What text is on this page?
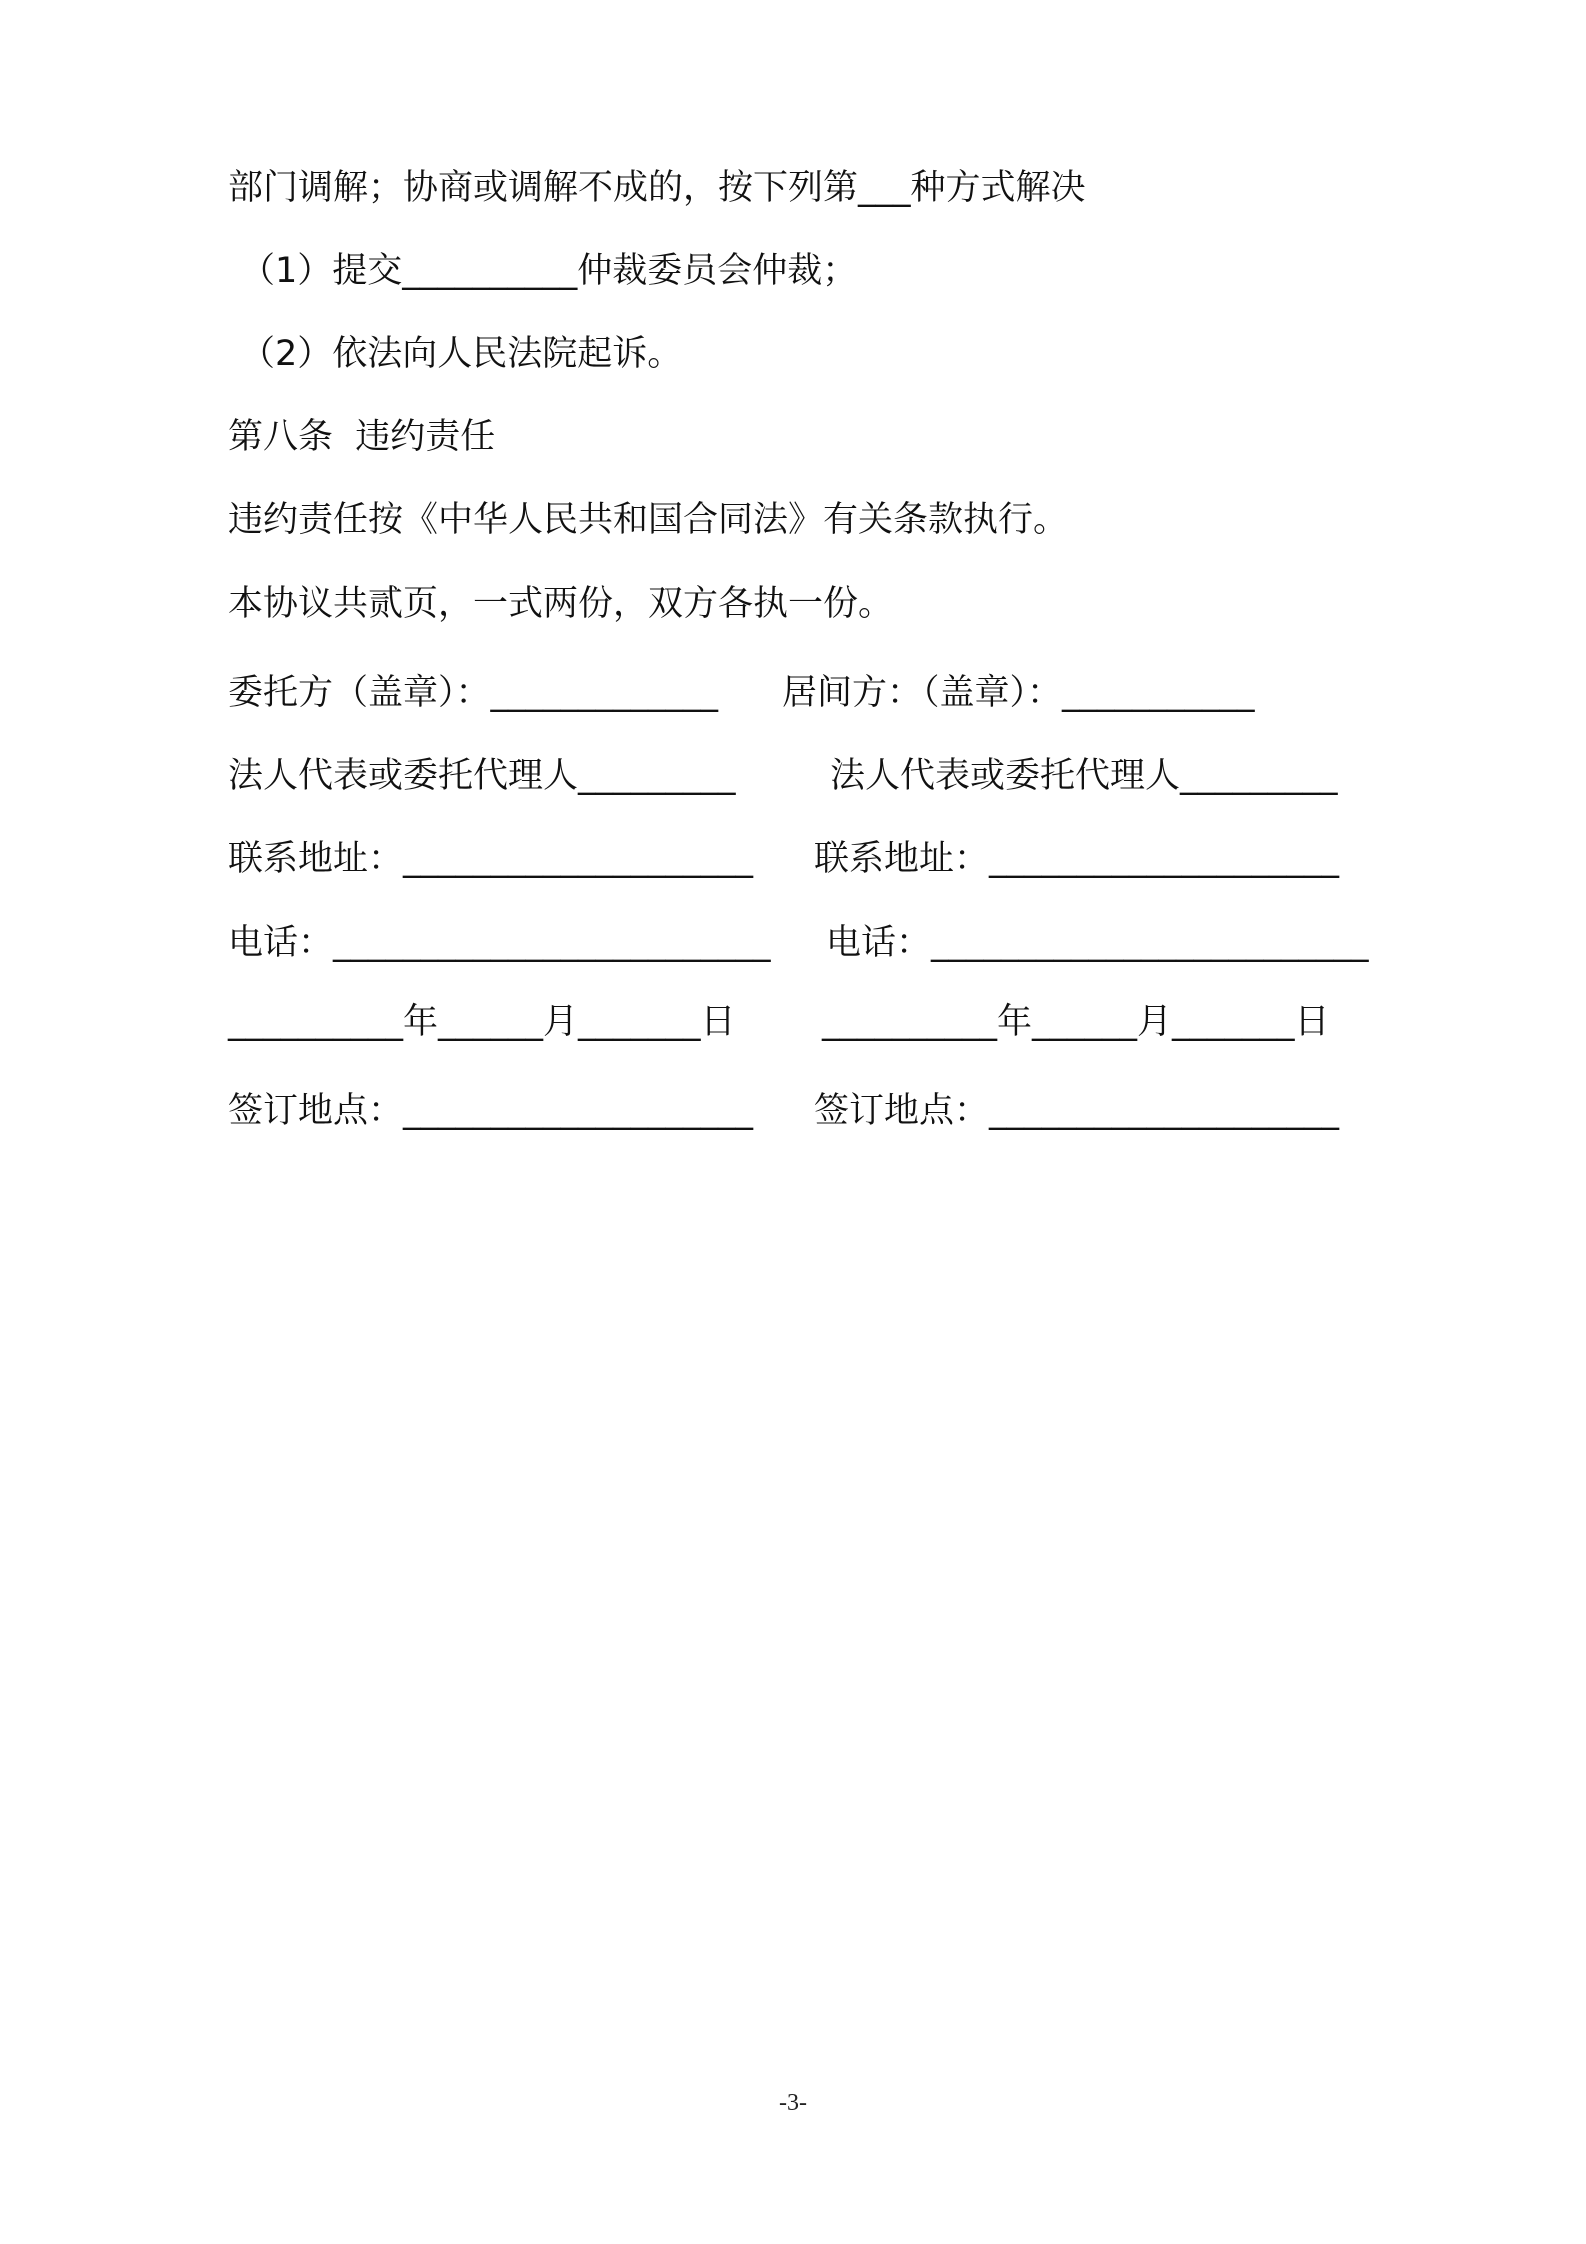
部门调解；协商或调解不成的，按下列第___种方式解决
（1）提交__________仲裁委员会仲裁；
（2）依法向人民法院起诉。
第八条  违约责任
违约责任按《中华人民共和国合同法》有关条款执行。
本协议共贰页，一式两份，双方各执一份。
委托方（盖章）：_____________ 居间方：（盖章）：___________
法人代表或委托代理人_________	法人代表或委托代理人_________
联系地址：____________________ 联系地址：____________________
电话：_________________________ 电话：_________________________
__________年______月_______日 __________年______月_______日
签订地点：____________________ 签订地点：____________________
-3-
